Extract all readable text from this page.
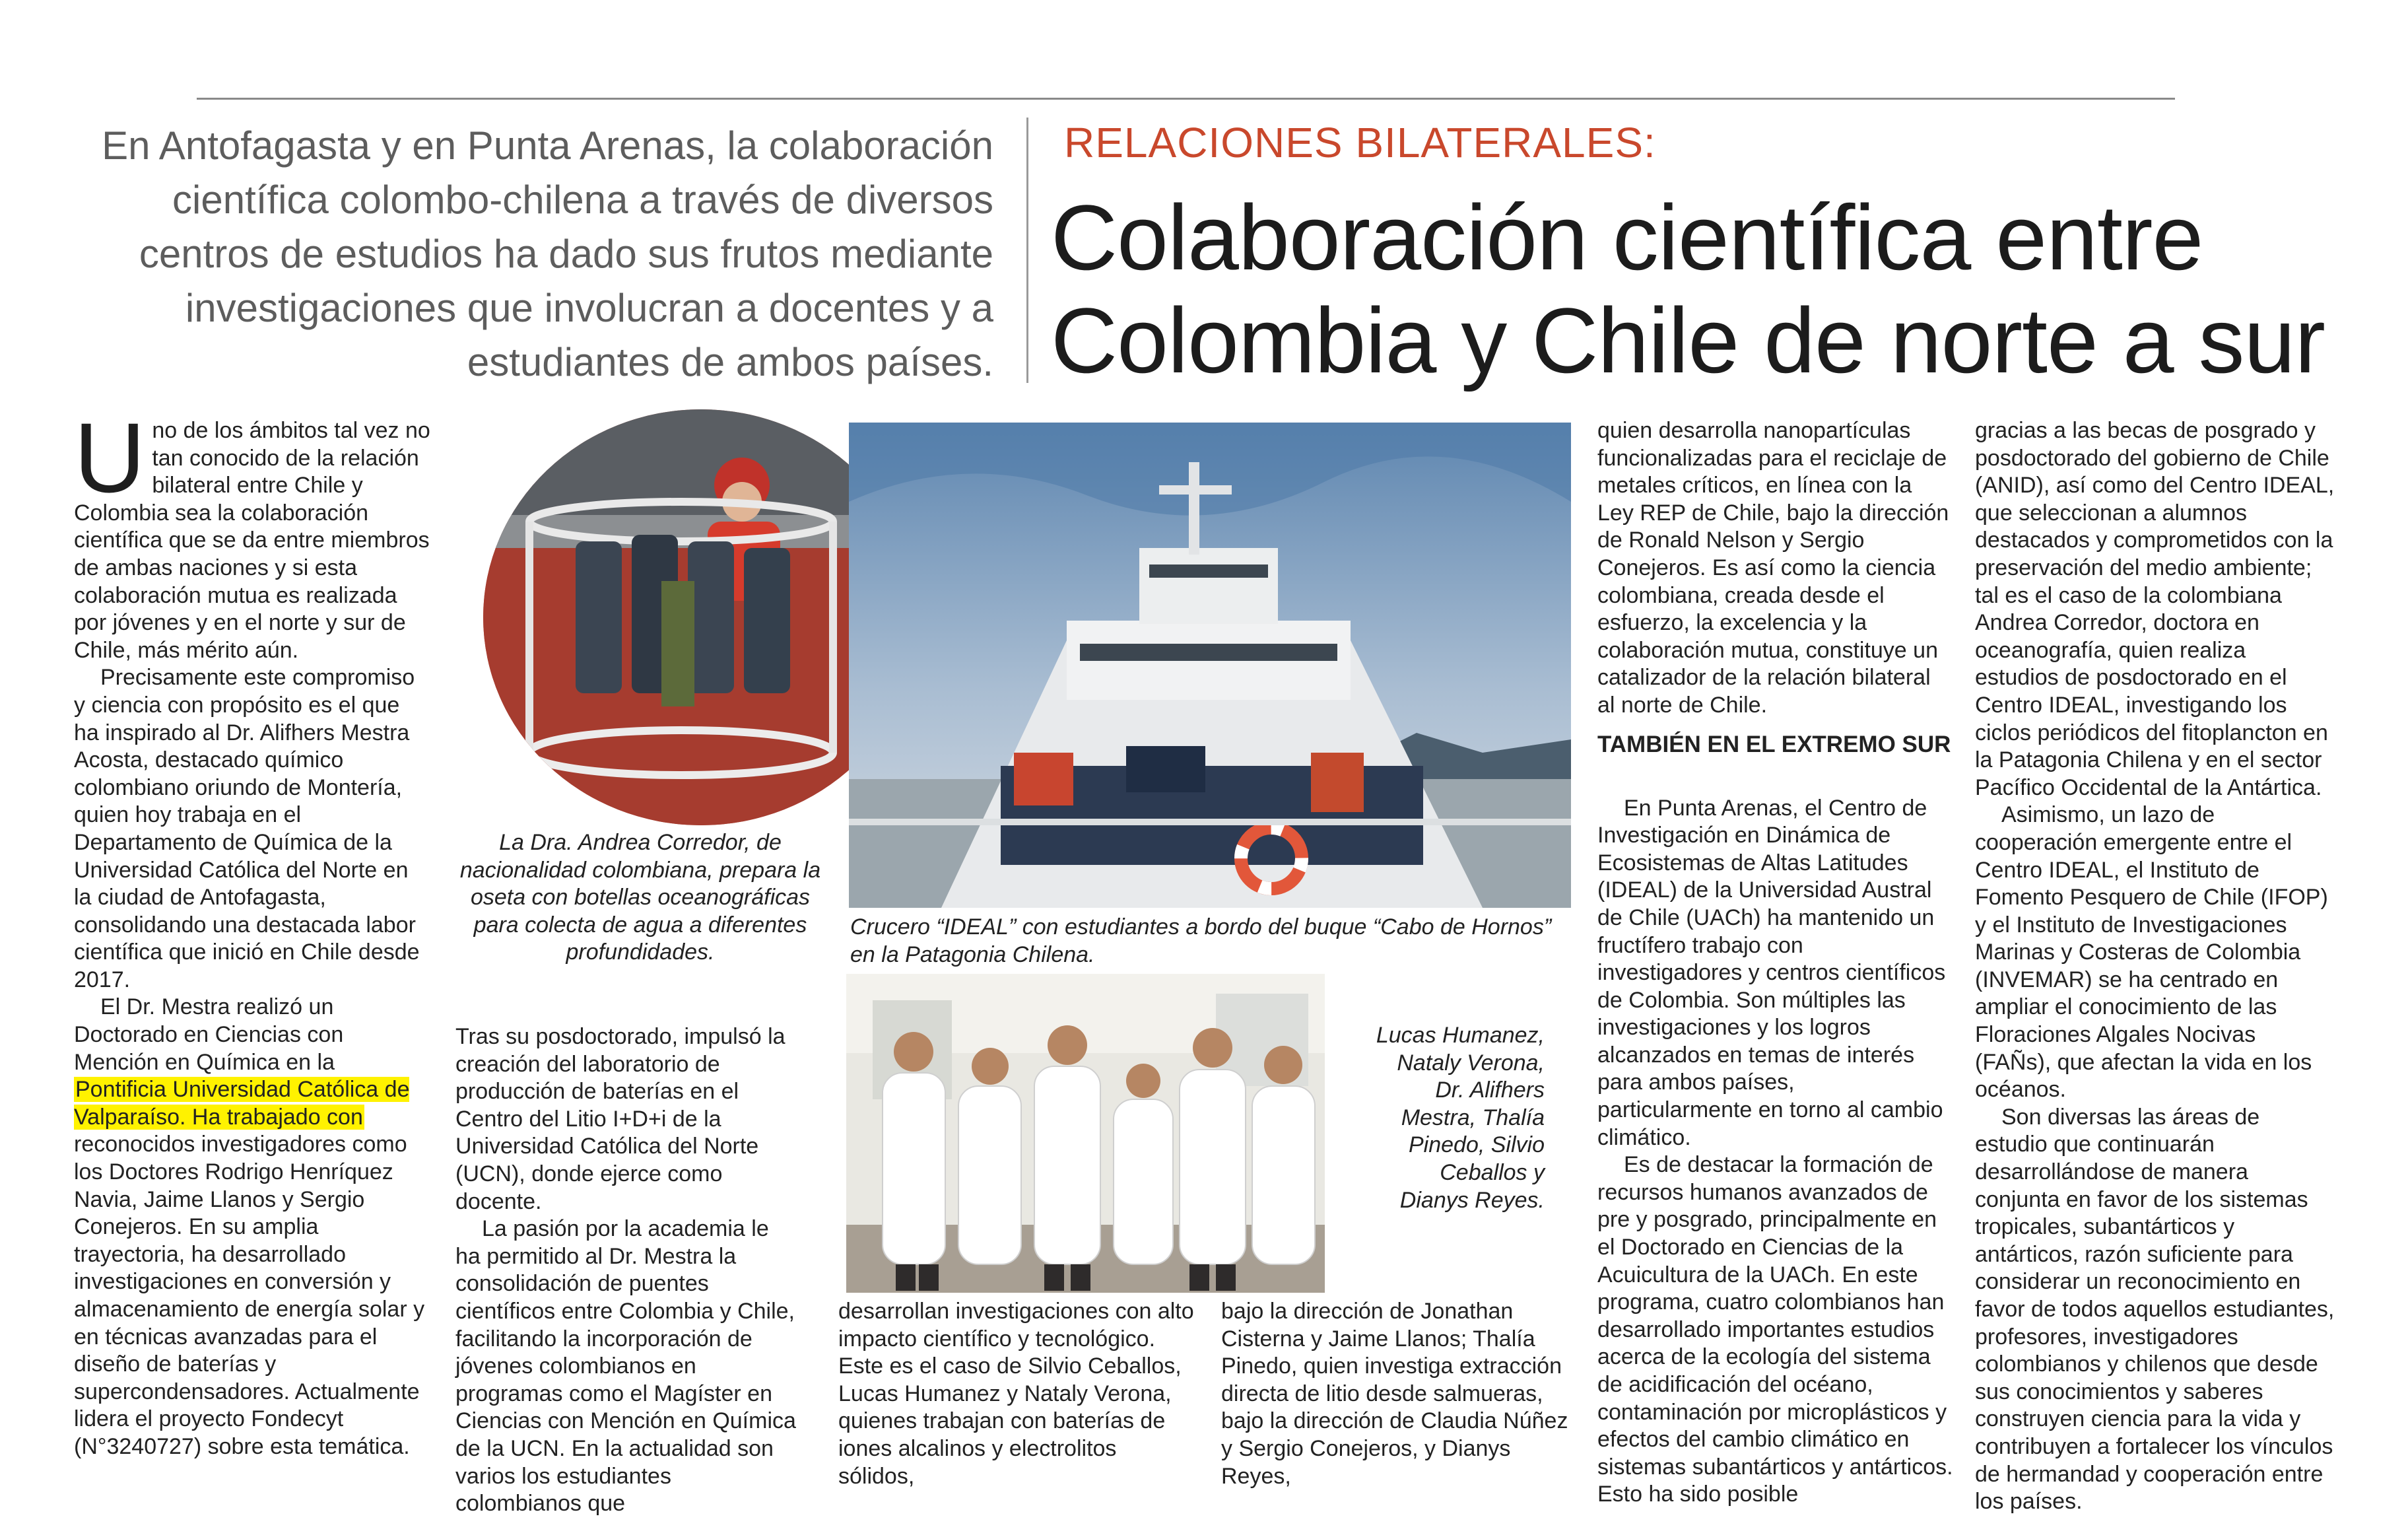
En Antofagasta y en Punta Arenas, la colaboración científica colombo-chilena a través de diversos centros de estudios ha dado sus frutos mediante investigaciones que involucran a docentes y a estudiantes de ambos países.
RELACIONES BILATERALES:
Colaboración científica entre
Colombia y Chile de norte a sur

Uno de los ámbitos tal vez no tan conocido de la relación bilateral entre Chile y Colombia sea la colaboración científica que se da entre miembros de ambas naciones y si esta colaboración mutua es realizada por jóvenes y en el norte y sur de Chile, más mérito aún.

Precisamente este compromiso y ciencia con propósito es el que ha inspirado al Dr. Alifhers Mestra Acosta, destacado químico colombiano oriundo de Montería, quien hoy trabaja en el Departamento de Química de la Universidad Católica del Norte en la ciudad de Antofagasta, consolidando una destacada labor científica que inició en Chile desde 2017.

El Dr. Mestra realizó un Doctorado en Ciencias con Mención en Química en la Pontificia Universidad Católica de Valparaíso. Ha trabajado con reconocidos investigadores como los Doctores Rodrigo Henríquez Navia, Jaime Llanos y Sergio Conejeros. En su amplia trayectoria, ha desarrollado investigaciones en conversión y almacenamiento de energía solar y en técnicas avanzadas para el diseño de baterías y supercondensadores. Actualmente lidera el proyecto Fondecyt (N°3240727) sobre esta temática.

La Dra. Andrea Corredor, de nacionalidad colombiana, prepara la oseta con botellas oceanográficas para colecta de agua a diferentes profundidades.

Tras su posdoctorado, impulsó la creación del laboratorio de producción de baterías en el Centro del Litio I+D+i de la Universidad Católica del Norte (UCN), donde ejerce como docente.

La pasión por la academia le ha permitido al Dr. Mestra la consolidación de puentes científicos entre Colombia y Chile, facilitando la incorporación de jóvenes colombianos en programas como el Magíster en Ciencias con Mención en Química de la UCN. En la actualidad son varios los estudiantes colombianos que

Crucero “IDEAL” con estudiantes a bordo del buque “Cabo de Hornos” en la Patagonia Chilena.
Lucas Humanez, Nataly Verona, Dr. Alifhers Mestra, Thalía Pinedo, Silvio Ceballos y Dianys Reyes.

desarrollan investigaciones con alto impacto científico y tecnológico. Este es el caso de Silvio Ceballos, Lucas Humanez y Nataly Verona, quienes trabajan con baterías de iones alcalinos y electrolitos sólidos,

bajo la dirección de Jonathan Cisterna y Jaime Llanos; Thalía Pinedo, quien investiga extracción directa de litio desde salmueras, bajo la dirección de Claudia Núñez y Sergio Conejeros, y Dianys Reyes,

quien desarrolla nanopartículas funcionalizadas para el reciclaje de metales críticos, en línea con la Ley REP de Chile, bajo la dirección de Ronald Nelson y Sergio Conejeros. Es así como la ciencia colombiana, creada desde el esfuerzo, la excelencia y la colaboración mutua, constituye un catalizador de la relación bilateral al norte de Chile.

TAMBIÉN EN EL EXTREMO SUR

En Punta Arenas, el Centro de Investigación en Dinámica de Ecosistemas de Altas Latitudes (IDEAL) de la Universidad Austral de Chile (UACh) ha mantenido un fructífero trabajo con investigadores y centros científicos de Colombia. Son múltiples las investigaciones y los logros alcanzados en temas de interés para ambos países, particularmente en torno al cambio climático.

Es de destacar la formación de recursos humanos avanzados de pre y posgrado, principalmente en el Doctorado en Ciencias de la Acuicultura de la UACh. En este programa, cuatro colombianos han desarrollado importantes estudios acerca de la ecología del sistema de acidificación del océano, contaminación por microplásticos y efectos del cambio climático en sistemas subantárticos y antárticos. Esto ha sido posible

gracias a las becas de posgrado y posdoctorado del gobierno de Chile (ANID), así como del Centro IDEAL, que seleccionan a alumnos destacados y comprometidos con la preservación del medio ambiente; tal es el caso de la colombiana Andrea Corredor, doctora en oceanografía, quien realiza estudios de posdoctorado en el Centro IDEAL, investigando los ciclos periódicos del fitoplancton en la Patagonia Chilena y en el sector Pacífico Occidental de la Antártica.

Asimismo, un lazo de cooperación emergente entre el Centro IDEAL, el Instituto de Fomento Pesquero de Chile (IFOP) y el Instituto de Investigaciones Marinas y Costeras de Colombia (INVEMAR) se ha centrado en ampliar el conocimiento de las Floraciones Algales Nocivas (FAÑs), que afectan la vida en los océanos.

Son diversas las áreas de estudio que continuarán desarrollándose de manera conjunta en favor de los sistemas tropicales, subantárticos y antárticos, razón suficiente para considerar un reconocimiento en favor de todos aquellos estudiantes, profesores, investigadores colombianos y chilenos que desde sus conocimientos y saberes construyen ciencia para la vida y contribuyen a fortalecer los vínculos de hermandad y cooperación entre los países.
